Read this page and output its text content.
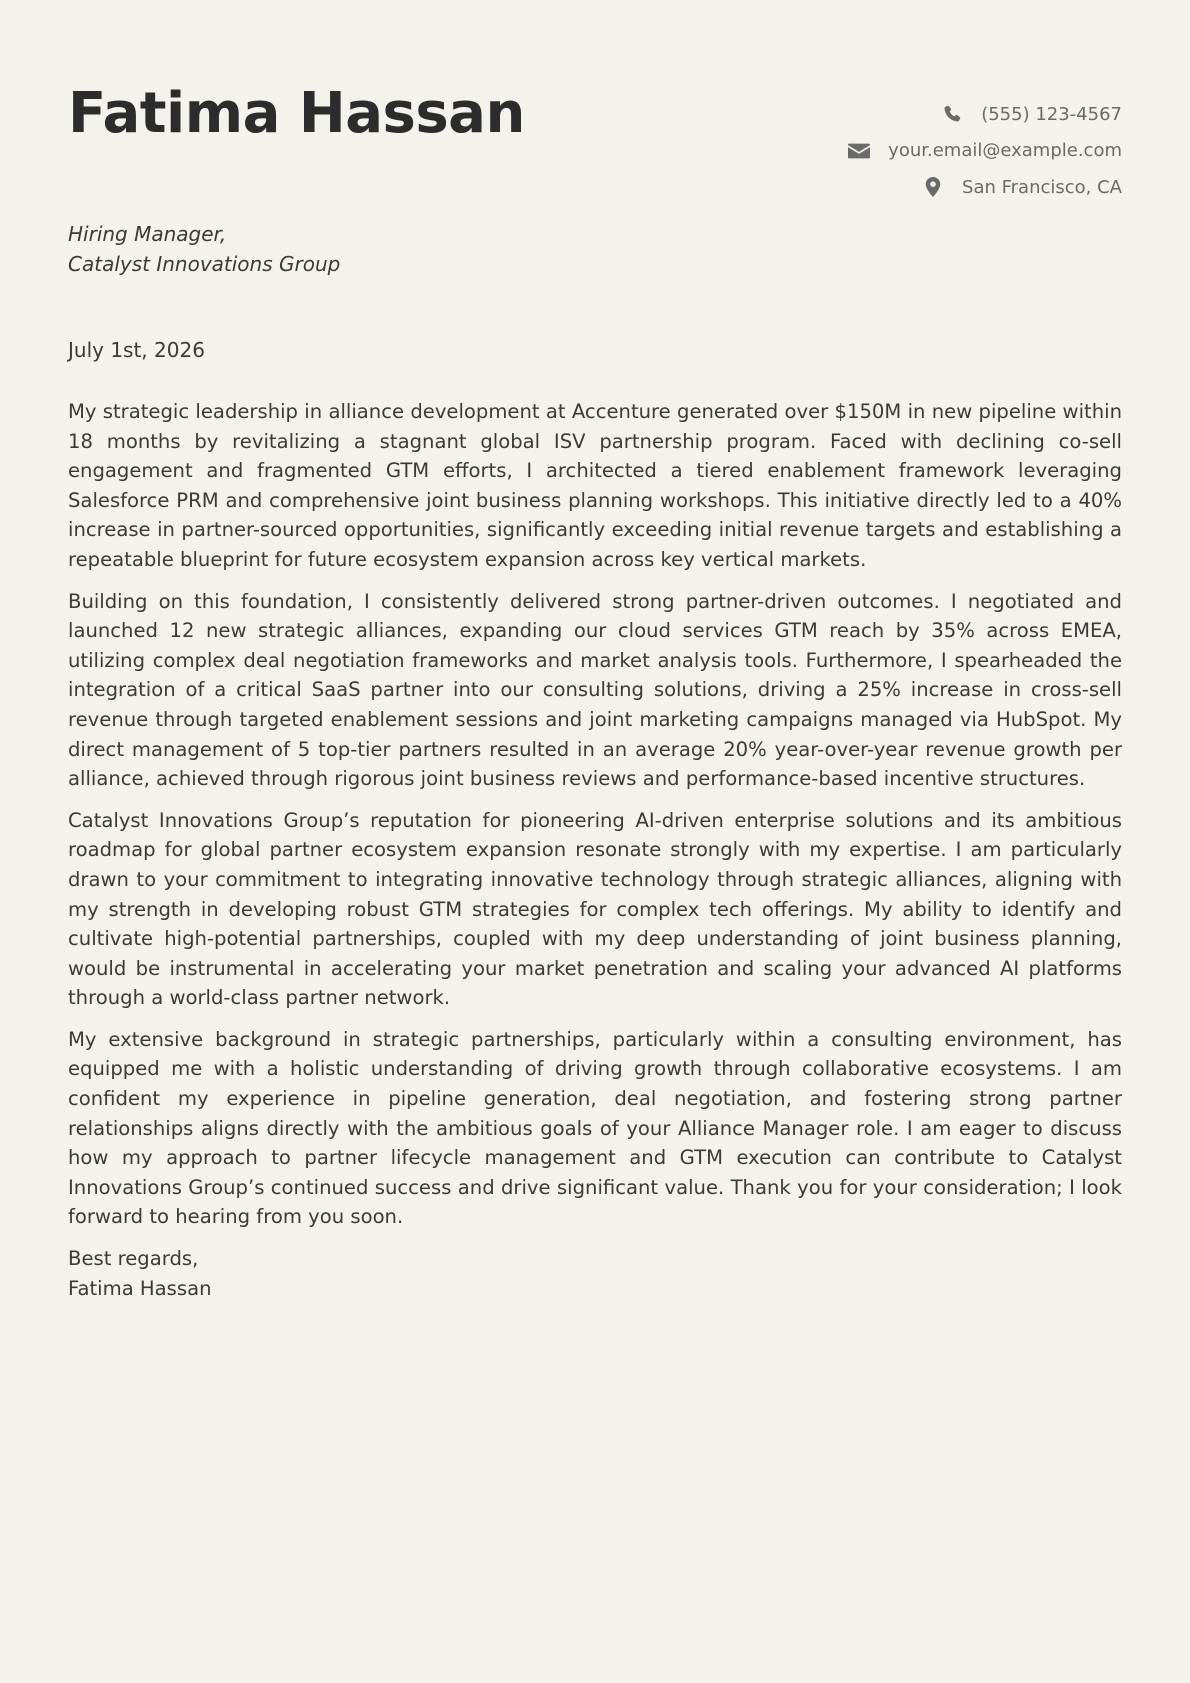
Fatima Hassan	(555) 123-4567
your.email@example.com
San Francisco, CA
Hiring Manager,
Catalyst Innovations Group
July 1st, 2026

My strategic leadership in alliance development at Accenture generated over $150M in new pipeline within 18 months by revitalizing a stagnant global ISV partnership program. Faced with declining co-sell engagement and fragmented GTM efforts, I architected a tiered enablement framework leveraging Salesforce PRM and comprehensive joint business planning workshops. This initiative directly led to a 40% increase in partner-sourced opportunities, significantly exceeding initial revenue targets and establishing a repeatable blueprint for future ecosystem expansion across key vertical markets.

Building on this foundation, I consistently delivered strong partner-driven outcomes. I negotiated and launched 12 new strategic alliances, expanding our cloud services GTM reach by 35% across EMEA, utilizing complex deal negotiation frameworks and market analysis tools. Furthermore, I spearheaded the integration of a critical SaaS partner into our consulting solutions, driving a 25% increase in cross-sell revenue through targeted enablement sessions and joint marketing campaigns managed via HubSpot. My direct management of 5 top-tier partners resulted in an average 20% year-over-year revenue growth per alliance, achieved through rigorous joint business reviews and performance-based incentive structures.

Catalyst Innovations Group’s reputation for pioneering AI-driven enterprise solutions and its ambitious roadmap for global partner ecosystem expansion resonate strongly with my expertise. I am particularly drawn to your commitment to integrating innovative technology through strategic alliances, aligning with my strength in developing robust GTM strategies for complex tech offerings. My ability to identify and cultivate high-potential partnerships, coupled with my deep understanding of joint business planning, would be instrumental in accelerating your market penetration and scaling your advanced AI platforms through a world-class partner network.

My extensive background in strategic partnerships, particularly within a consulting environment, has equipped me with a holistic understanding of driving growth through collaborative ecosystems. I am confident my experience in pipeline generation, deal negotiation, and fostering strong partner relationships aligns directly with the ambitious goals of your Alliance Manager role. I am eager to discuss how my approach to partner lifecycle management and GTM execution can contribute to Catalyst Innovations Group’s continued success and drive significant value. Thank you for your consideration; I look forward to hearing from you soon.

Best regards,
Fatima Hassan
